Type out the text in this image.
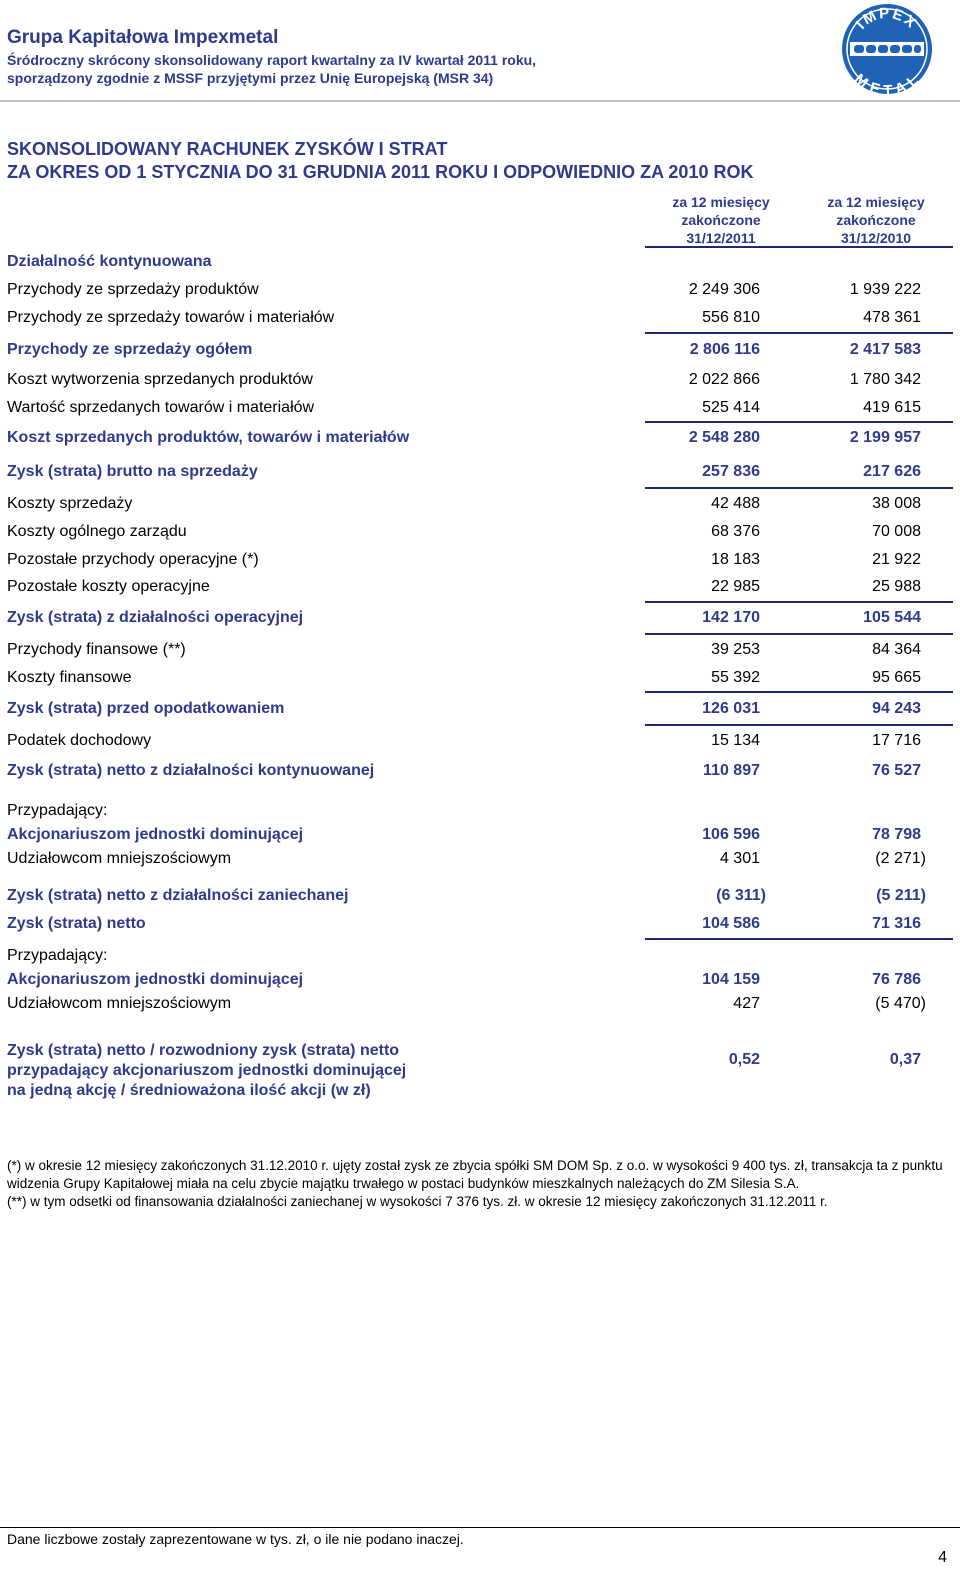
Grupa Kapitałowa Impexmetal
Śródroczny skrócony skonsolidowany raport kwartalny za IV kwartał 2011 roku,
sporządzony zgodnie z MSSF przyjętymi przez Unię Europejską (MSR 34)
IMPEX
METAL
SKONSOLIDOWANY RACHUNEK ZYSKÓW I STRAT
ZA OKRES OD 1 STYCZNIA DO 31 GRUDNIA 2011 ROKU I ODPOWIEDNIO ZA 2010 ROK
za 12 miesięcy
zakończone
31/12/2011
za 12 miesięcy
zakończone
31/12/2010
Działalność kontynuowana
Przychody ze sprzedaży produktów	2 249 306	1 939 222
Przychody ze sprzedaży towarów i materiałów	556 810	478 361
Przychody ze sprzedaży ogółem	2 806 116	2 417 583
Koszt wytworzenia sprzedanych produktów	2 022 866	1 780 342
Wartość sprzedanych towarów i materiałów	525 414	419 615
Koszt sprzedanych produktów, towarów i materiałów	2 548 280	2 199 957
Zysk (strata) brutto na sprzedaży	257 836	217 626
Koszty sprzedaży	42 488	38 008
Koszty ogólnego zarządu	68 376	70 008
Pozostałe przychody operacyjne (*)	18 183	21 922
Pozostałe koszty operacyjne	22 985	25 988
Zysk (strata) z działalności operacyjnej	142 170	105 544
Przychody finansowe (**)	39 253	84 364
Koszty finansowe	55 392	95 665
Zysk (strata) przed opodatkowaniem	126 031	94 243
Podatek dochodowy	15 134	17 716
Zysk (strata) netto z działalności kontynuowanej	110 897	76 527
Przypadający:
Akcjonariuszom jednostki dominującej	106 596	78 798
Udziałowcom mniejszościowym	4 301	(2 271)
Zysk (strata) netto z działalności zaniechanej	(6 311)	(5 211)
Zysk (strata) netto	104 586	71 316
Przypadający:
Akcjonariuszom jednostki dominującej	104 159	76 786
Udziałowcom mniejszościowym	427	(5 470)
Zysk (strata) netto / rozwodniony zysk (strata) netto
przypadający akcjonariuszom jednostki dominującej
na jedną akcję / średnioważona ilość akcji (w zł)
0,52	0,37

(*) w okresie 12 miesięcy zakończonych 31.12.2010 r. ujęty został zysk ze zbycia spółki SM DOM Sp. z o.o. w wysokości 9 400 tys. zł, transakcja ta z punktu widzenia Grupy Kapitałowej miała na celu zbycie majątku trwałego w postaci budynków mieszkalnych należących do ZM Silesia S.A.

(**) w tym odsetki od finansowania działalności zaniechanej w wysokości 7 376 tys. zł. w okresie 12 miesięcy zakończonych 31.12.2011 r.

Dane liczbowe zostały zaprezentowane w tys. zł, o ile nie podano inaczej.
4
